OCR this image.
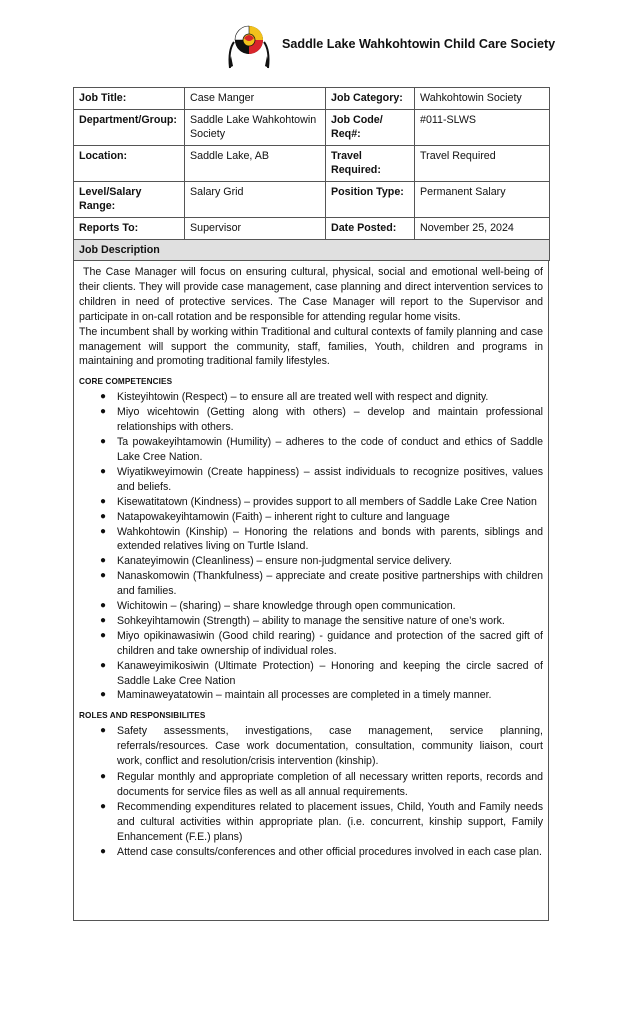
Saddle Lake Wahkohtowin Child Care Society
Job Title:	Case Manger	Job Category:	Wahkohtowin Society
Department/Group:	Saddle Lake Wahkohtowin Society	Job Code/ Req#:	#011-SLWS
Location:	Saddle Lake, AB	Travel Required:	Travel Required
Level/Salary Range:	Salary Grid	Position Type:	Permanent Salary
Reports To:	Supervisor	Date Posted:	November 25, 2024
Job Description			

The Case Manager will focus on ensuring cultural, physical, social and emotional well-being of their clients. They will provide case management, case planning and direct intervention services to children in need of protective services. The Case Manager will report to the Supervisor and participate in on-call rotation and be responsible for attending regular home visits.

The incumbent shall by working within Traditional and cultural contexts of family planning and case management will support the community, staff, families, Youth, children and programs in maintaining and promoting traditional family lifestyles.

CORE COMPETENCIES
● Kisteyihtowin (Respect) – to ensure all are treated well with respect and dignity.
● Miyo wicehtowin (Getting along with others) – develop and maintain professional relationships with others.
● Ta powakeyihtamowin (Humility) – adheres to the code of conduct and ethics of Saddle Lake Cree Nation.
● Wiyatikweyimowin (Create happiness) – assist individuals to recognize positives, values and beliefs.
● Kisewatitatown (Kindness) – provides support to all members of Saddle Lake Cree Nation
● Natapowakeyihtamowin (Faith) – inherent right to culture and language
● Wahkohtowin (Kinship) – Honoring the relations and bonds with parents, siblings and extended relatives living on Turtle Island.
● Kanateyimowin (Cleanliness) – ensure non-judgmental service delivery.
● Nanaskomowin (Thankfulness) – appreciate and create positive partnerships with children and families.
● Wichitowin – (sharing) – share knowledge through open communication.
● Sohkeyihtamowin (Strength) – ability to manage the sensitive nature of one’s work.
● Miyo opikinawasiwin (Good child rearing) - guidance and protection of the sacred gift of children and take ownership of individual roles.
● Kanaweyimikosiwin (Ultimate Protection) – Honoring and keeping the circle sacred of Saddle Lake Cree Nation
● Maminaweyatatowin – maintain all processes are completed in a timely manner.
ROLES AND RESPONSIBILITES
● Safety assessments, investigations, case management, service planning, referrals/resources. Case work documentation, consultation, community liaison, court work, conflict and resolution/crisis intervention (kinship).
● Regular monthly and appropriate completion of all necessary written reports, records and documents for service files as well as all annual requirements.
● Recommending expenditures related to placement issues, Child, Youth and Family needs and cultural activities within appropriate plan. (i.e. concurrent, kinship support, Family Enhancement (F.E.) plans)
● Attend case consults/conferences and other official procedures involved in each case plan.
